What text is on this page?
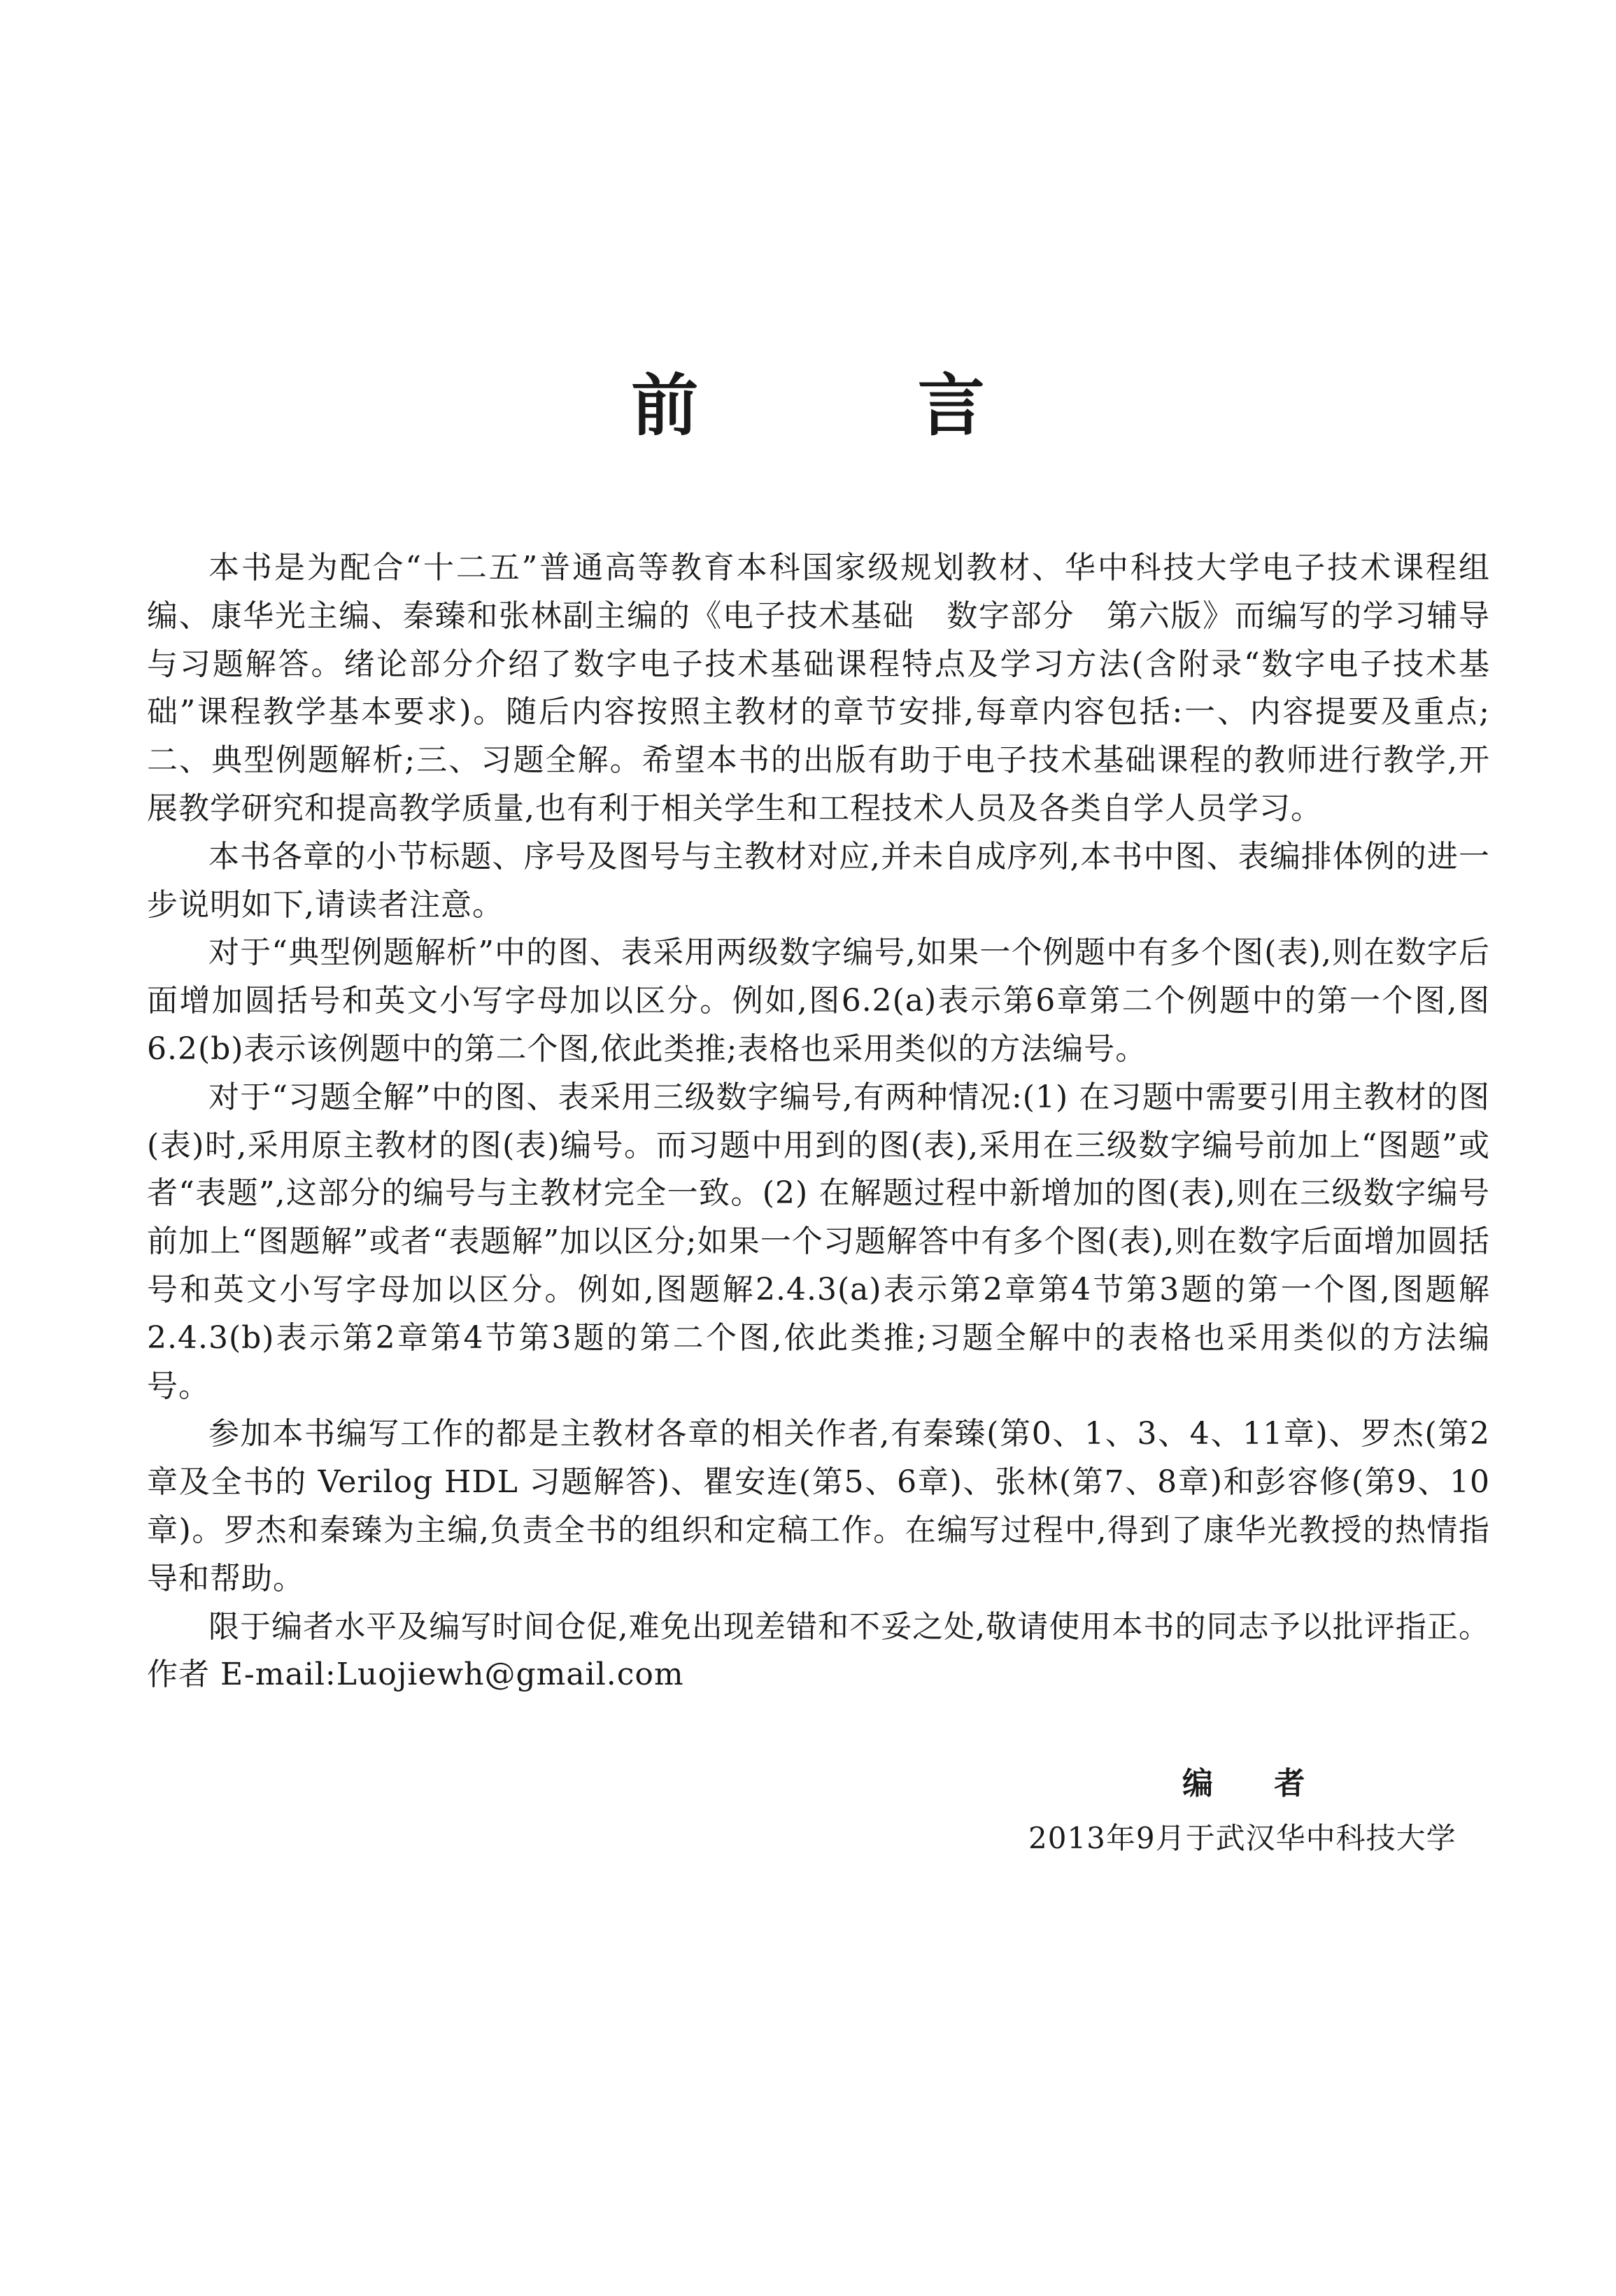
前 言

本书是为配合“十二五”普通高等教育本科国家级规划教材、华中科技大学电子技术课程组编、康华光主编、秦臻和张林副主编的《电子技术基础　数字部分　第六版》而编写的学习辅导与习题解答。绪论部分介绍了数字电子技术基础课程特点及学习方法(含附录“数字电子技术基础”课程教学基本要求)。随后内容按照主教材的章节安排,每章内容包括:一、内容提要及重点;二、典型例题解析;三、习题全解。希望本书的出版有助于电子技术基础课程的教师进行教学,开展教学研究和提高教学质量,也有利于相关学生和工程技术人员及各类自学人员学习。

本书各章的小节标题、序号及图号与主教材对应,并未自成序列,本书中图、表编排体例的进一步说明如下,请读者注意。

对于“典型例题解析”中的图、表采用两级数字编号,如果一个例题中有多个图(表),则在数字后面增加圆括号和英文小写字母加以区分。例如,图6.2(a)表示第6章第二个例题中的第一个图,图6.2(b)表示该例题中的第二个图,依此类推;表格也采用类似的方法编号。

对于“习题全解”中的图、表采用三级数字编号,有两种情况:(1) 在习题中需要引用主教材的图(表)时,采用原主教材的图(表)编号。而习题中用到的图(表),采用在三级数字编号前加上“图题”或者“表题”,这部分的编号与主教材完全一致。(2) 在解题过程中新增加的图(表),则在三级数字编号前加上“图题解”或者“表题解”加以区分;如果一个习题解答中有多个图(表),则在数字后面增加圆括号和英文小写字母加以区分。例如,图题解2.4.3(a)表示第2章第4节第3题的第一个图,图题解2.4.3(b)表示第2章第4节第3题的第二个图,依此类推;习题全解中的表格也采用类似的方法编号。

参加本书编写工作的都是主教材各章的相关作者,有秦臻(第0、1、3、4、11章)、罗杰(第2章及全书的 Verilog HDL 习题解答)、瞿安连(第5、6章)、张林(第7、8章)和彭容修(第9、10章)。罗杰和秦臻为主编,负责全书的组织和定稿工作。在编写过程中,得到了康华光教授的热情指导和帮助。

限于编者水平及编写时间仓促,难免出现差错和不妥之处,敬请使用本书的同志予以批评指正。作者 E-mail:Luojiewh@gmail.com

编 者
2013年9月于武汉华中科技大学
